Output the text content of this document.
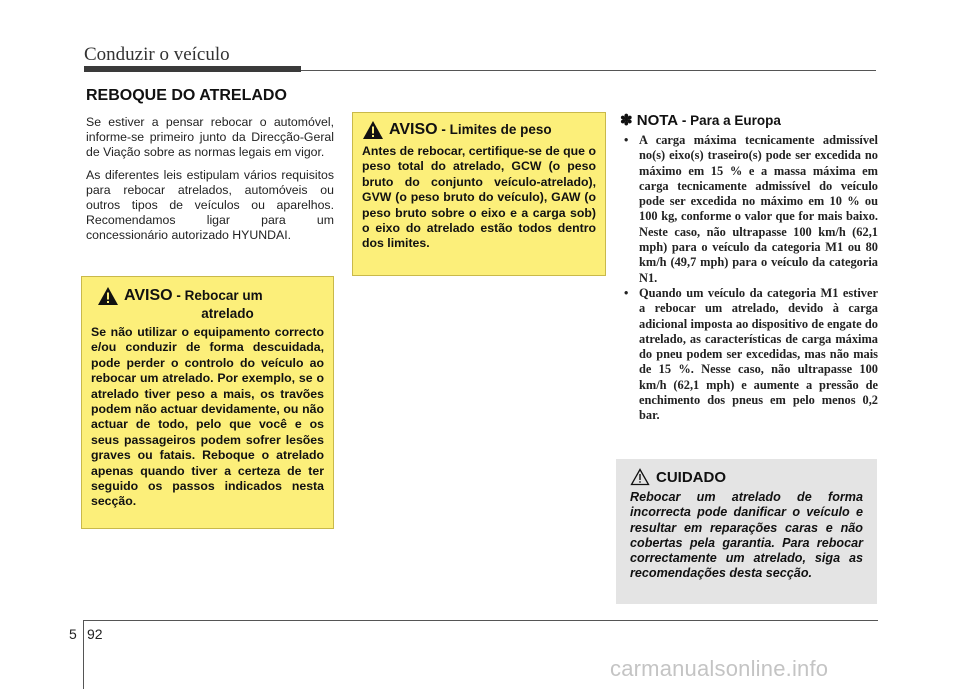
Conduzir o veículo
REBOQUE DO ATRELADO

Se estiver a pensar rebocar o automóvel, informe-se primeiro junto da Direcção-Geral de Viação sobre as normas legais em vigor.

As diferentes leis estipulam vários requisitos para rebocar atrelados, automóveis ou outros tipos de veículos ou aparelhos. Recomendamos ligar para um concessionário autorizado HYUNDAI.

AVISO - Rebocar um
atrelado
Se não utilizar o equipamento correcto e/ou conduzir de forma descuidada, pode perder o controlo do veículo ao rebocar um atrelado. Por exemplo, se o atrelado tiver peso a mais, os travões podem não actuar devidamente, ou não actuar de todo, pelo que você e os seus passageiros podem sofrer lesões graves ou fatais. Reboque o atrelado apenas quando tiver a certeza de ter seguido os passos indicados nesta secção.
AVISO - Limites de peso
Antes de rebocar, certifique-se de que o peso total do atrelado, GCW (o peso bruto do conjunto veículo-atrelado), GVW (o peso bruto do veículo), GAW (o peso bruto sobre o eixo e a carga sob) o eixo do atrelado estão todos dentro dos limites.
✽ NOTA - Para a Europa
• A carga máxima tecnicamente admissível no(s) eixo(s) traseiro(s) pode ser excedida no máximo em 15 % e a massa máxima em carga tecnicamente admissível do veículo pode ser excedida no máximo em 10 % ou 100 kg, conforme o valor que for mais baixo. Neste caso, não ultrapasse 100 km/h (62,1 mph) para o veículo da categoria M1 ou 80 km/h (49,7 mph) para o veículo da categoria N1.
• Quando um veículo da categoria M1 estiver a rebocar um atrelado, devido à carga adicional imposta ao dispositivo de engate do atrelado, as características de carga máxima do pneu podem ser excedidas, mas não mais de 15 %. Nesse caso, não ultrapasse 100 km/h (62,1 mph) e aumente a pressão de enchimento dos pneus em pelo menos 0,2 bar.
CUIDADO
Rebocar um atrelado de forma incorrecta pode danificar o veículo e resultar em reparações caras e não cobertas pela garantia. Para rebocar correctamente um atrelado, siga as recomendações desta secção.
5 92
carmanualsonline.info
